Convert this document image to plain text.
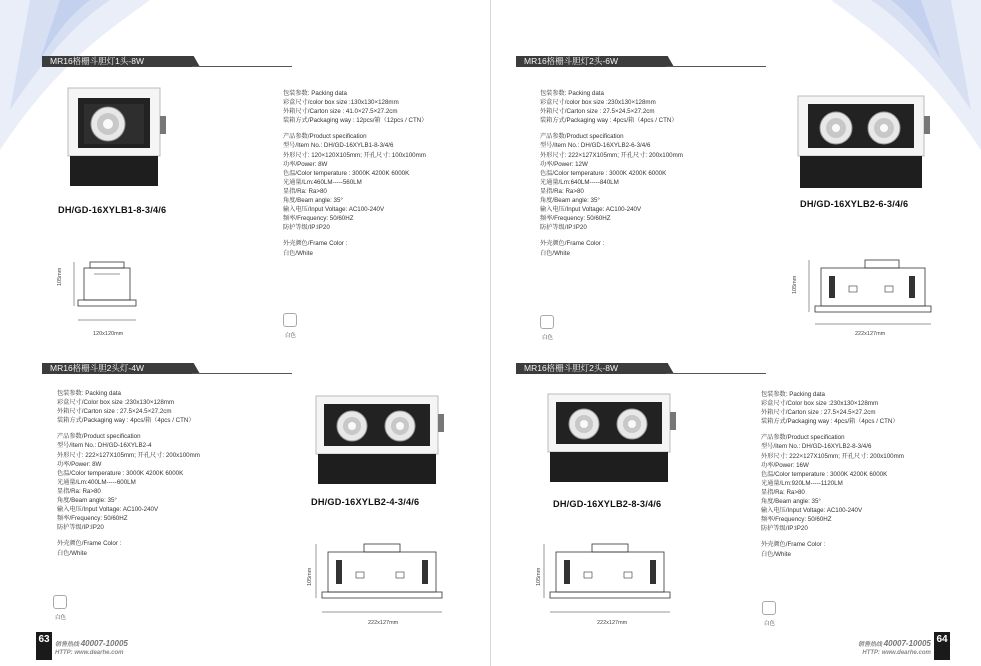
MR16格栅斗胆灯1头-8W
DH/GD-16XYLB1-8-3/4/6
105mm
120x120mm
包装参数: Packing data
彩盒尺寸/color box size :130x130×128mm
外箱尺寸/Carton size : 41.0×27.5×27.2cm
装箱方式/Packaging way : 12pcs/箱（12pcs / CTN）
产品参数/Product specification
型号/Item No.: DH/GD-16XYLB1-8-3/4/6
外形尺寸: 120×120X105mm; 开孔尺寸: 100x100mm
功率/Power: 8W
色温/Color temperature : 3000K 4200K 6000K
光通量/Lm:460LM-----560LM
显指/Ra: Ra>80
角度/Beam angle: 35°
输入电压/Input Voltage: AC100-240V
频率/Frequency: 50/60HZ
防护等级/IP:IP20
外壳颜色/Frame Color :
白色/White
白色
MR16格栅斗胆灯2头-6W
包装参数: Packing data
彩盒尺寸/color box size :230x130×128mm
外箱尺寸/Carton size : 27.5×24.5×27.2cm
装箱方式/Packaging way : 4pcs/箱（4pcs / CTN）
产品参数/Product specification
型号/Item No.: DH/GD-16XYLB2-6-3/4/6
外形尺寸: 222×127X105mm; 开孔尺寸: 200x100mm
功率/Power: 12W
色温/Color temperature : 3000K 4200K 6000K
光通量/Lm:640LM-----840LM
显指/Ra: Ra>80
角度/Beam angle: 35°
输入电压/Input Voltage: AC100-240V
频率/Frequency: 50/60HZ
防护等级/IP:IP20
外壳颜色/Frame Color :
白色/White
白色
DH/GD-16XYLB2-6-3/4/6
105mm
222x127mm
MR16格栅斗胆2头灯-4W
包装参数: Packing data
彩盒尺寸/Color box size :230x130×128mm
外箱尺寸/Carton size : 27.5×24.5×27.2cm
装箱方式/Packaging way : 4pcs/箱（4pcs / CTN）
产品参数/Product specification
型号/Item No.: DH/GD-16XYLB2-4
外形尺寸: 222×127X105mm; 开孔尺寸: 200x100mm
功率/Power: 8W
色温/Color temperature : 3000K 4200K 6000K
光通量/Lm:400LM-----600LM
显指/Ra: Ra>80
角度/Beam angle: 35°
输入电压/Input Voltage: AC100-240V
频率/Frequency: 50/60HZ
防护等级/IP:IP20
外壳颜色/Frame Color :
白色/White
白色
DH/GD-16XYLB2-4-3/4/6
105mm
222x127mm
MR16格栅斗胆灯2头-8W
DH/GD-16XYLB2-8-3/4/6
105mm
222x127mm
包装参数: Packing data
彩盒尺寸/Color box size :230x130×128mm
外箱尺寸/Carton size : 27.5×24.5×27.2cm
装箱方式/Packaging way : 4pcs/箱（4pcs / CTN）
产品参数/Product specification
型号/Item No.: DH/GD-16XYLB2-8-3/4/6
外形尺寸: 222×127X105mm; 开孔尺寸: 200x100mm
功率/Power: 16W
色温/Color temperature : 3000K 4200K 6000K
光通量/Lm:920LM-----1120LM
显指/Ra: Ra>80
角度/Beam angle: 35°
输入电压/Input Voltage: AC100-240V
频率/Frequency: 50/60HZ
防护等级/IP:IP20
外壳颜色/Frame Color :
白色/White
白色
63 销售热线 40007-10005
HTTP: www.dearhe.com
销售热线 40007-10005
HTTP: www.dearhe.com
64
